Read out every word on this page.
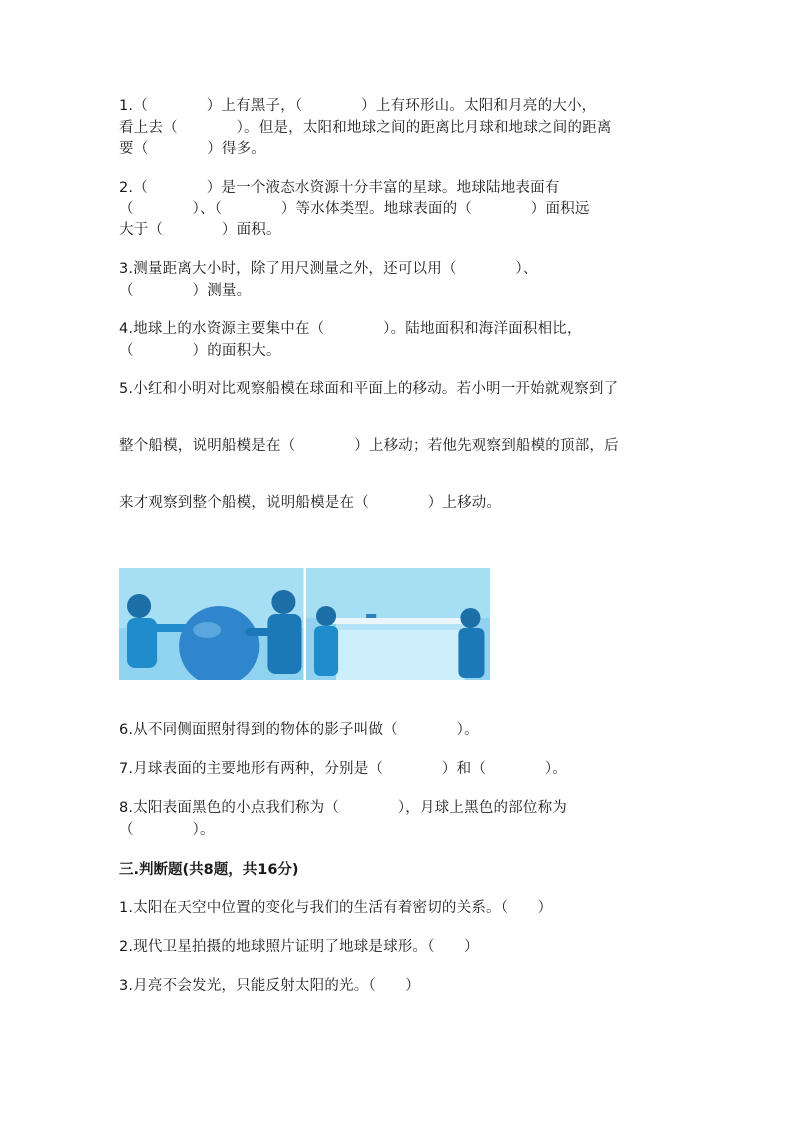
1.（　　　　）上有黑子，（　　　　）上有环形山。太阳和月亮的大小，
看上去（　　　　）。但是，太阳和地球之间的距离比月球和地球之间的距离
要（　　　　）得多。
2.（　　　　）是一个液态水资源十分丰富的星球。地球陆地表面有
（　　　　）、（　　　　）等水体类型。地球表面的（　　　　）面积远
大于（　　　　）面积。
3.测量距离大小时，除了用尺测量之外，还可以用（　　　　）、
（　　　　）测量。
4.地球上的水资源主要集中在（　　　　）。陆地面积和海洋面积相比，
（　　　　）的面积大。
5.小红和小明对比观察船模在球面和平面上的移动。若小明一开始就观察到了
整个船模，说明船模是在（　　　　）上移动；若他先观察到船模的顶部，后
来才观察到整个船模，说明船模是在（　　　　）上移动。
6.从不同侧面照射得到的物体的影子叫做（　　　　）。
7.月球表面的主要地形有两种，分别是（　　　　）和（　　　　）。
8.太阳表面黑色的小点我们称为（　　　　），月球上黑色的部位称为
（　　　　）。
三.判断题(共8题，共16分)
1.太阳在天空中位置的变化与我们的生活有着密切的关系。（　　）
2.现代卫星拍摄的地球照片证明了地球是球形。（　　）
3.月亮不会发光，只能反射太阳的光。（　　）
